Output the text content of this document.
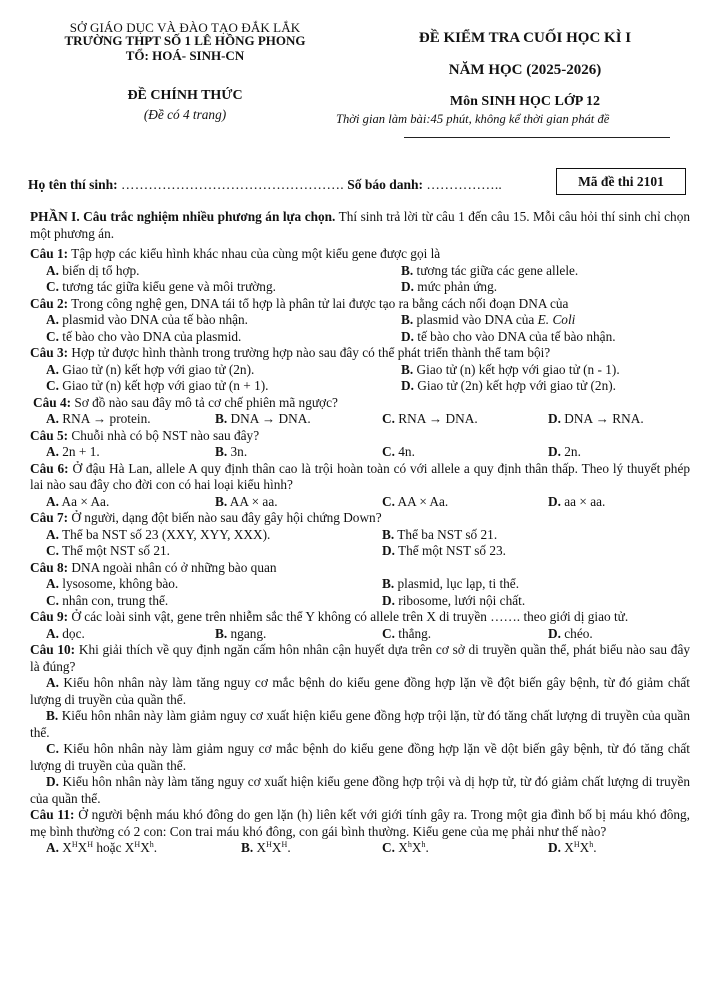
SỞ GIÁO DỤC VÀ ĐÀO TẠO ĐẮK LẮK
TRƯỜNG THPT SỐ 1 LÊ HỒNG PHONG
TỔ: HOÁ- SINH-CN
ĐỀ CHÍNH THỨC
(Đề có 4 trang)
ĐỀ KIỂM TRA CUỐI HỌC KÌ I
NĂM HỌC (2025-2026)
Môn SINH HỌC LỚP 12
Thời gian làm bài:45 phút, không kể thời gian phát đề
Họ tên thí sinh: …………………………………………. Số báo danh: ……………..	Mã đề thi 2101
PHẦN I. Câu trắc nghiệm nhiều phương án lựa chọn. Thí sinh trả lời từ câu 1 đến câu 15. Mỗi câu hỏi thí sinh chỉ chọn một phương án.
Câu 1: Tập hợp các kiểu hình khác nhau của cùng một kiểu gene được gọi là
A. biến dị tổ hợp.	B. tương tác giữa các gene allele.
C. tương tác giữa kiểu gene và môi trường.	D. mức phản ứng.
Câu 2: Trong công nghệ gen, DNA tái tổ hợp là phân tử lai được tạo ra bằng cách nối đoạn DNA của
A. plasmid vào DNA của tế bào nhận.	B. plasmid vào DNA của E. Coli
C. tế bào cho vào DNA của plasmid.	D. tế bào cho vào DNA của tế bào nhận.
Câu 3: Hợp tử được hình thành trong trường hợp nào sau đây có thể phát triển thành thể tam bội?
A. Giao tử (n) kết hợp với giao tử (2n).	B. Giao tử (n) kết hợp với giao tử (n - 1).
C. Giao tử (n) kết hợp với giao tử (n + 1).	D. Giao tử (2n) kết hợp với giao tử (2n).
Câu 4: Sơ đồ nào sau đây mô tả cơ chế phiên mã ngược?
A. RNA → protein.	B. DNA → DNA.	C. RNA → DNA.	D. DNA → RNA.
Câu 5: Chuỗi nhà có bộ NST nào sau đây?
A. 2n + 1.	B. 3n.	C. 4n.	D. 2n.
Câu 6: Ở đậu Hà Lan, allele A quy định thân cao là trội hoàn toàn có với allele a quy định thân thấp. Theo lý thuyết phép lai nào sau đây cho đời con có hai loại kiểu hình?
A. Aa × Aa.	B. AA × aa.	C. AA × Aa.	D. aa × aa.
Câu 7: Ở người, dạng đột biến nào sau đây gây hội chứng Down?
A. Thể ba NST số 23 (XXY, XYY, XXX).	B. Thể ba NST số 21.
C. Thể một NST số 21.	D. Thể một NST số 23.
Câu 8: DNA ngoài nhân có ở những bào quan
A. lysosome, không bào.	B. plasmid, lục lạp, ti thể.
C. nhân con, trung thể.	D. ribosome, lưới nội chất.
Câu 9: Ở các loài sinh vật, gene trên nhiễm sắc thể Y không có allele trên X di truyền ……. theo giới dị giao tử.
A. dọc.	B. ngang.	C. thẳng.	D. chéo.
Câu 10: Khi giải thích về quy định ngăn cấm hôn nhân cận huyết dựa trên cơ sở di truyền quần thể, phát biểu nào sau đây là đúng?
A. Kiểu hôn nhân này làm tăng nguy cơ mắc bệnh do kiểu gene đồng hợp lặn về đột biến gây bệnh, từ đó giảm chất lượng di truyền của quần thể.
B. Kiểu hôn nhân này làm giảm nguy cơ xuất hiện kiểu gene đồng hợp trội lặn, từ đó tăng chất lượng di truyền của quần thể.
C. Kiểu hôn nhân này làm giảm nguy cơ mắc bệnh do kiểu gene đồng hợp lặn về dột biến gây bệnh, từ đó tăng chất lượng di truyền của quần thể.
D. Kiểu hôn nhân này làm tăng nguy cơ xuất hiện kiểu gene đồng hợp trội và dị hợp tử, từ đó giảm chất lượng di truyền của quần thể.
Câu 11: Ở người bệnh máu khó đông do gen lặn (h) liên kết với giới tính gây ra. Trong một gia đình bố bị máu khó đông, mẹ bình thường có 2 con: Con trai máu khó đông, con gái bình thường. Kiểu gene của mẹ phải như thế nào?
A. $X^HX^H$ hoặc $X^HX^h$.	B. $X^HX^H$.	C. $X^hX^h$.	D. $X^HX^h$.
